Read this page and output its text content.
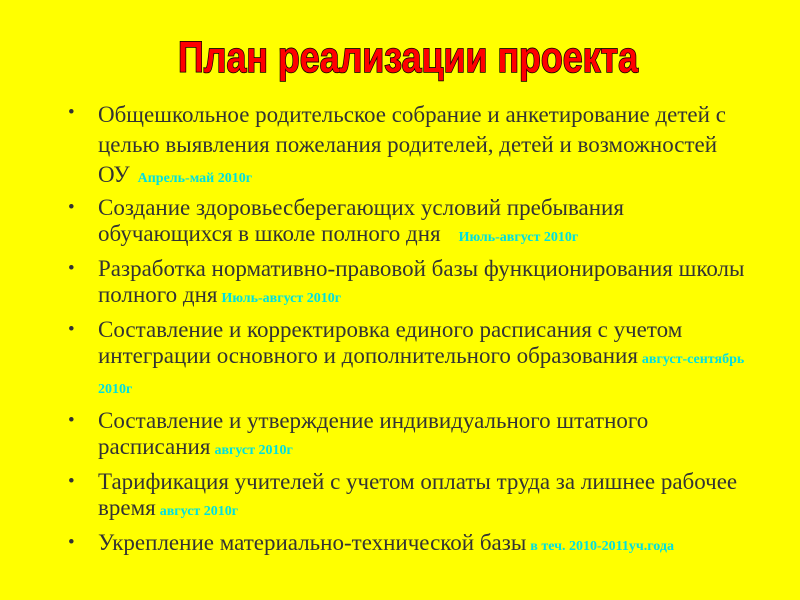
План реализации проекта
• Общешкольное родительское собрание и анкетирование детей с целью выявления пожелания родителей, детей и возможностей ОУ Апрель-май 2010г
• Создание здоровьесберегающих условий пребывания обучающихся в школе полного дня Июль-август 2010г
• Разработка нормативно-правовой базы функционирования школы полного дня Июль-август 2010г
• Составление и корректировка единого расписания с учетом интеграции основного и дополнительного образования август-сентябрь 2010г
• Составление и утверждение индивидуального штатного расписания август 2010г
• Тарификация учителей с учетом оплаты труда за лишнее рабочее время август 2010г
• Укрепление материально-технической базы в теч. 2010-2011уч.года
